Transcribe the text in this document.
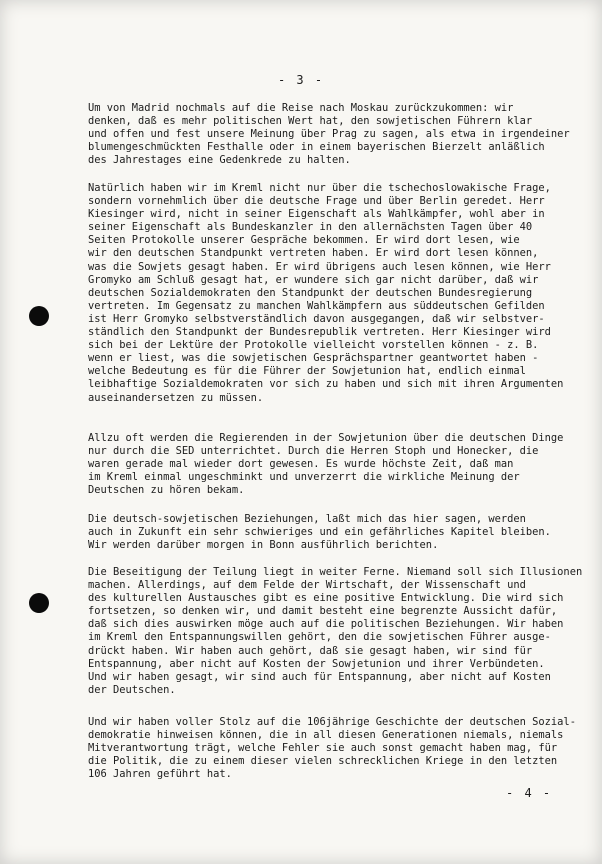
- 3 -

Um von Madrid nochmals auf die Reise nach Moskau zurückzukommen: wir
denken, daß es mehr politischen Wert hat, den sowjetischen Führern klar
und offen und fest unsere Meinung über Prag zu sagen, als etwa in irgendeiner
blumengeschmückten Festhalle oder in einem bayerischen Bierzelt anläßlich
des Jahrestages eine Gedenkrede zu halten.

Natürlich haben wir im Kreml nicht nur über die tschechoslowakische Frage,
sondern vornehmlich über die deutsche Frage und über Berlin geredet. Herr
Kiesinger wird, nicht in seiner Eigenschaft als Wahlkämpfer, wohl aber in
seiner Eigenschaft als Bundeskanzler in den allernächsten Tagen über 40
Seiten Protokolle unserer Gespräche bekommen. Er wird dort lesen, wie
wir den deutschen Standpunkt vertreten haben. Er wird dort lesen können,
was die Sowjets gesagt haben. Er wird übrigens auch lesen können, wie Herr
Gromyko am Schluß gesagt hat, er wundere sich gar nicht darüber, daß wir
deutschen Sozialdemokraten den Standpunkt der deutschen Bundesregierung
vertreten. Im Gegensatz zu manchen Wahlkämpfern aus süddeutschen Gefilden
ist Herr Gromyko selbstverständlich davon ausgegangen, daß wir selbstver-
ständlich den Standpunkt der Bundesrepublik vertreten. Herr Kiesinger wird
sich bei der Lektüre der Protokolle vielleicht vorstellen können - z. B.
wenn er liest, was die sowjetischen Gesprächspartner geantwortet haben -
welche Bedeutung es für die Führer der Sowjetunion hat, endlich einmal
leibhaftige Sozialdemokraten vor sich zu haben und sich mit ihren Argumenten
auseinandersetzen zu müssen.

Allzu oft werden die Regierenden in der Sowjetunion über die deutschen Dinge
nur durch die SED unterrichtet. Durch die Herren Stoph und Honecker, die
waren gerade mal wieder dort gewesen. Es wurde höchste Zeit, daß man
im Kreml einmal ungeschminkt und unverzerrt die wirkliche Meinung der
Deutschen zu hören bekam.

Die deutsch-sowjetischen Beziehungen, laßt mich das hier sagen, werden
auch in Zukunft ein sehr schwieriges und ein gefährliches Kapitel bleiben.
Wir werden darüber morgen in Bonn ausführlich berichten.

Die Beseitigung der Teilung liegt in weiter Ferne. Niemand soll sich Illusionen
machen. Allerdings, auf dem Felde der Wirtschaft, der Wissenschaft und
des kulturellen Austausches gibt es eine positive Entwicklung. Die wird sich
fortsetzen, so denken wir, und damit besteht eine begrenzte Aussicht dafür,
daß sich dies auswirken möge auch auf die politischen Beziehungen. Wir haben
im Kreml den Entspannungswillen gehört, den die sowjetischen Führer ausge-
drückt haben. Wir haben auch gehört, daß sie gesagt haben, wir sind für
Entspannung, aber nicht auf Kosten der Sowjetunion und ihrer Verbündeten.
Und wir haben gesagt, wir sind auch für Entspannung, aber nicht auf Kosten
der Deutschen.

Und wir haben voller Stolz auf die 106jährige Geschichte der deutschen Sozial-
demokratie hinweisen können, die in all diesen Generationen niemals, niemals
Mitverantwortung trägt, welche Fehler sie auch sonst gemacht haben mag, für
die Politik, die zu einem dieser vielen schrecklichen Kriege in den letzten
106 Jahren geführt hat.

- 4 -
